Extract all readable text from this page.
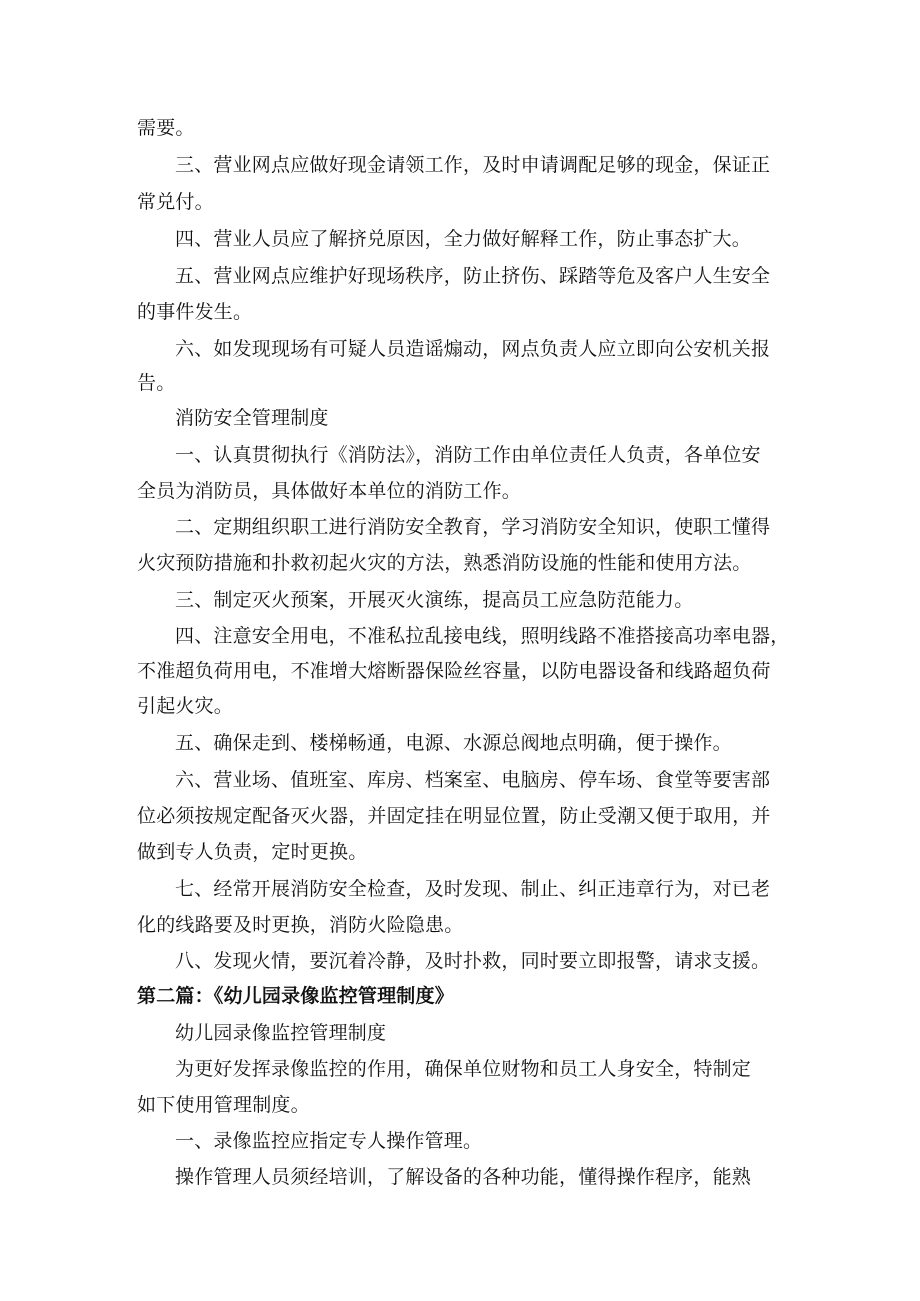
需要。
三、营业网点应做好现金请领工作，及时申请调配足够的现金，保证正
常兑付。
四、营业人员应了解挤兑原因，全力做好解释工作，防止事态扩大。
五、营业网点应维护好现场秩序，防止挤伤、踩踏等危及客户人生安全
的事件发生。
六、如发现现场有可疑人员造谣煽动，网点负责人应立即向公安机关报
告。
消防安全管理制度
一、认真贯彻执行《消防法》，消防工作由单位责任人负责，各单位安
全员为消防员，具体做好本单位的消防工作。
二、定期组织职工进行消防安全教育，学习消防安全知识，使职工懂得
火灾预防措施和扑救初起火灾的方法，熟悉消防设施的性能和使用方法。
三、制定灭火预案，开展灭火演练，提高员工应急防范能力。
四、注意安全用电，不准私拉乱接电线，照明线路不准搭接高功率电器，
不准超负荷用电，不准增大熔断器保险丝容量，以防电器设备和线路超负荷
引起火灾。
五、确保走到、楼梯畅通，电源、水源总阀地点明确，便于操作。
六、营业场、值班室、库房、档案室、电脑房、停车场、食堂等要害部
位必须按规定配备灭火器，并固定挂在明显位置，防止受潮又便于取用，并
做到专人负责，定时更换。
七、经常开展消防安全检查，及时发现、制止、纠正违章行为，对已老
化的线路要及时更换，消防火险隐患。
八、发现火情，要沉着冷静，及时扑救，同时要立即报警，请求支援。
第二篇：《幼儿园录像监控管理制度》
幼儿园录像监控管理制度
为更好发挥录像监控的作用，确保单位财物和员工人身安全，特制定
如下使用管理制度。
一、录像监控应指定专人操作管理。
操作管理人员须经培训，了解设备的各种功能，懂得操作程序，能熟
